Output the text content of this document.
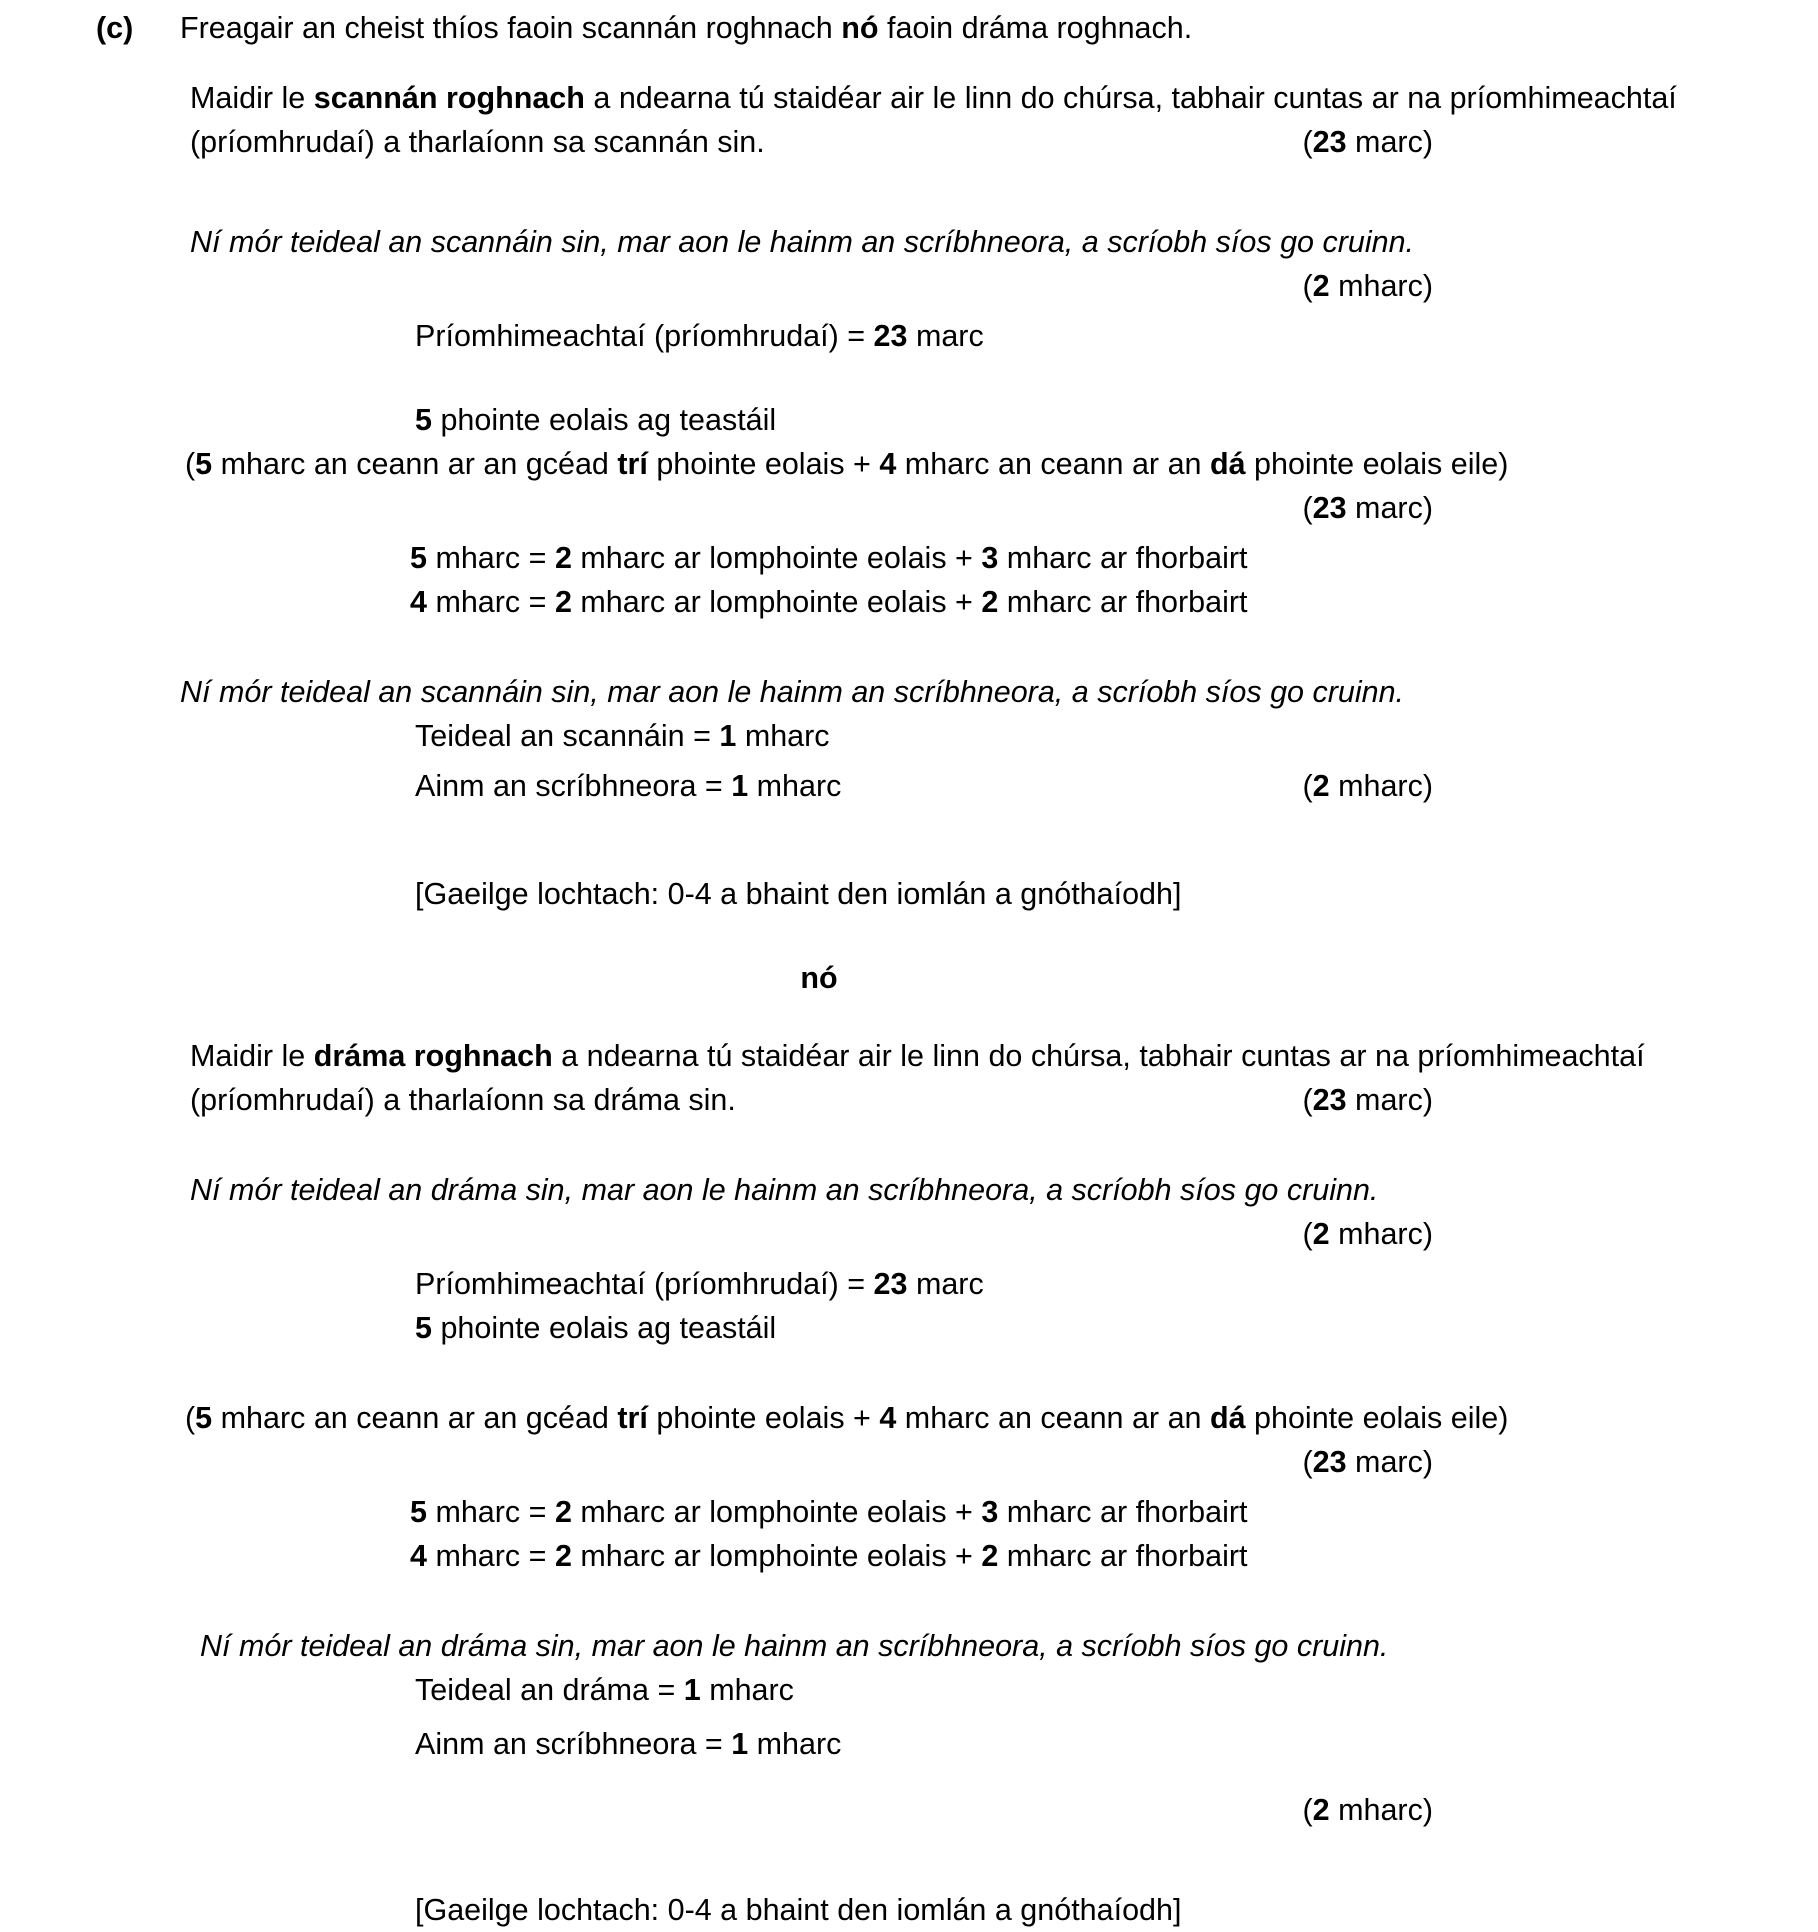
(c)	Freagair an cheist thíos faoin scannán roghnach nó faoin dráma roghnach.
Maidir le scannán roghnach a ndearna tú staidéar air le linn do chúrsa, tabhair cuntas ar na príomhimeachtaí (príomhrudaí) a tharlaíonn sa scannán sin.	(23 marc)
Ní mór teideal an scannáin sin, mar aon le hainm an scríbhneora, a scríobh síos go cruinn.
(2 mharc)
Príomhimeachtaí (príomhrudaí) = 23 marc
5 phointe eolais ag teastáil
(5 mharc an ceann ar an gcéad trí phointe eolais + 4 mharc an ceann ar an dá phointe eolais eile)
(23 marc)
5 mharc = 2 mharc ar lomphointe eolais + 3 mharc ar fhorbairt
4 mharc = 2 mharc ar lomphointe eolais + 2 mharc ar fhorbairt
Ní mór teideal an scannáin sin, mar aon le hainm an scríbhneora, a scríobh síos go cruinn.
Teideal an scannáin = 1 mharc
Ainm an scríbhneora = 1 mharc	(2 mharc)
[Gaeilge lochtach: 0-4 a bhaint den iomlán a gnóthaíodh]
nó
Maidir le dráma roghnach a ndearna tú staidéar air le linn do chúrsa, tabhair cuntas ar na príomhimeachtaí (príomhrudaí) a tharlaíonn sa dráma sin.	(23 marc)
Ní mór teideal an dráma sin, mar aon le hainm an scríbhneora, a scríobh síos go cruinn.
(2 mharc)
Príomhimeachtaí (príomhrudaí) = 23 marc
5 phointe eolais ag teastáil
(5 mharc an ceann ar an gcéad trí phointe eolais + 4 mharc an ceann ar an dá phointe eolais eile)
(23 marc)
5 mharc = 2 mharc ar lomphointe eolais + 3 mharc ar fhorbairt
4 mharc = 2 mharc ar lomphointe eolais + 2 mharc ar fhorbairt
Ní mór teideal an dráma sin, mar aon le hainm an scríbhneora, a scríobh síos go cruinn.
Teideal an dráma = 1 mharc
Ainm an scríbhneora = 1 mharc
(2 mharc)
[Gaeilge lochtach: 0-4 a bhaint den iomlán a gnóthaíodh]
